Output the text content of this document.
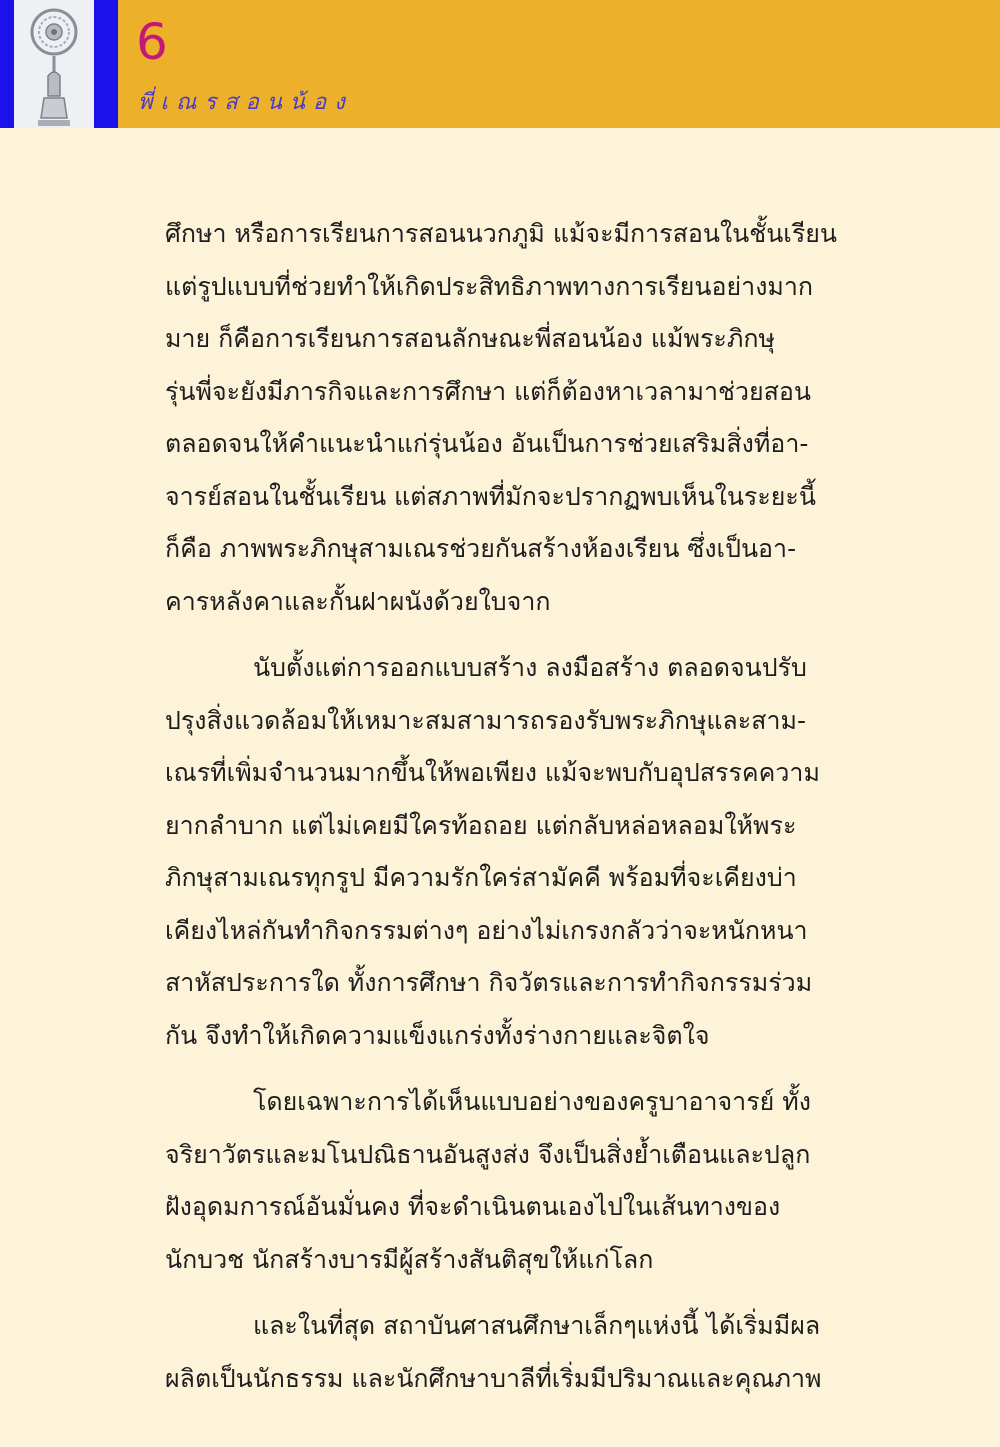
6
พี่เณรสอนน้อง

ศึกษา หรือการเรียนการสอนนวกภูมิ แม้จะมีการสอนในชั้นเรียน
แต่รูปแบบที่ช่วยทำให้เกิดประสิทธิภาพทางการเรียนอย่างมาก
มาย ก็คือการเรียนการสอนลักษณะพี่สอนน้อง แม้พระภิกษุ
รุ่นพี่จะยังมีภารกิจและการศึกษา แต่ก็ต้องหาเวลามาช่วยสอน
ตลอดจนให้คำแนะนำแก่รุ่นน้อง อันเป็นการช่วยเสริมสิ่งที่อา-
จารย์สอนในชั้นเรียน แต่สภาพที่มักจะปรากฏพบเห็นในระยะนี้
ก็คือ ภาพพระภิกษุสามเณรช่วยกันสร้างห้องเรียน ซึ่งเป็นอา-
คารหลังคาและกั้นฝาผนังด้วยใบจาก

นับตั้งแต่การออกแบบสร้าง ลงมือสร้าง ตลอดจนปรับ
ปรุงสิ่งแวดล้อมให้เหมาะสมสามารถรองรับพระภิกษุและสาม-
เณรที่เพิ่มจำนวนมากขึ้นให้พอเพียง แม้จะพบกับอุปสรรคความ
ยากลำบาก แต่ไม่เคยมีใครท้อถอย แต่กลับหล่อหลอมให้พระ
ภิกษุสามเณรทุกรูป มีความรักใคร่สามัคคี พร้อมที่จะเคียงบ่า
เคียงไหล่กันทำกิจกรรมต่างๆ อย่างไม่เกรงกลัวว่าจะหนักหนา
สาหัสประการใด ทั้งการศึกษา กิจวัตรและการทำกิจกรรมร่วม
กัน จึงทำให้เกิดความแข็งแกร่งทั้งร่างกายและจิตใจ

โดยเฉพาะการได้เห็นแบบอย่างของครูบาอาจารย์ ทั้ง
จริยาวัตรและมโนปณิธานอันสูงส่ง จึงเป็นสิ่งย้ำเตือนและปลูก
ฝังอุดมการณ์อันมั่นคง ที่จะดำเนินตนเองไปในเส้นทางของ
นักบวช นักสร้างบารมีผู้สร้างสันติสุขให้แก่โลก

และในที่สุด สถาบันศาสนศึกษาเล็กๆแห่งนี้ ได้เริ่มมีผล
ผลิตเป็นนักธรรม และนักศึกษาบาลีที่เริ่มมีปริมาณและคุณภาพ
